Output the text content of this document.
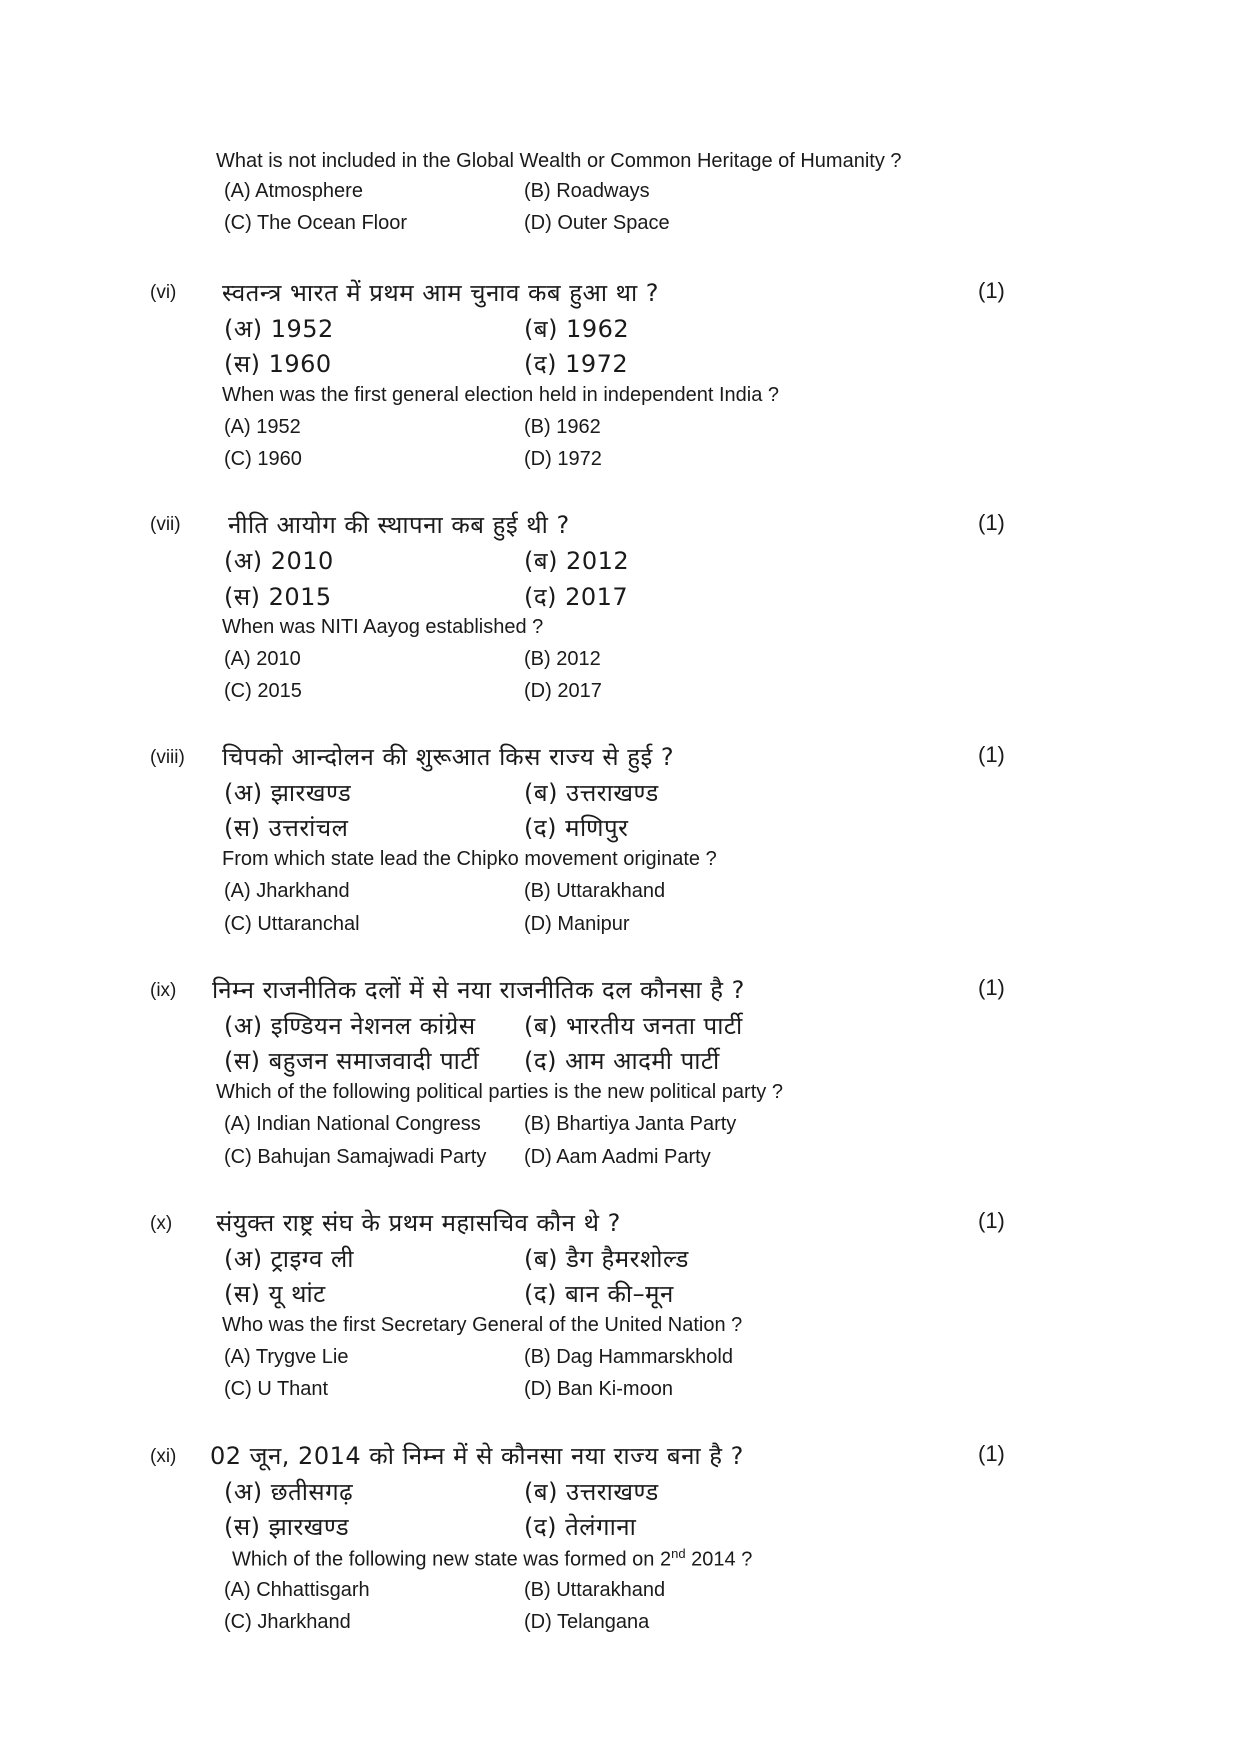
What is not included in the Global Wealth or Common Heritage of Humanity ?
(A) Atmosphere	(B) Roadways
(C) The Ocean Floor	(D) Outer Space
(vi) स्वतन्त्र भारत में प्रथम आम चुनाव कब हुआ था ?	(1)
(अ) 1952	(ब) 1962
(स) 1960	(द) 1972
When was the first general election held in independent India ?
(A) 1952	(B) 1962
(C) 1960	(D) 1972
(vii) नीति आयोग की स्थापना कब हुई थी ?	(1)
(अ) 2010	(ब) 2012
(स) 2015	(द) 2017
When was NITI Aayog established ?
(A) 2010	(B) 2012
(C) 2015	(D) 2017
(viii) चिपको आन्दोलन की शुरूआत किस राज्य से हुई ?	(1)
(अ) झारखण्ड	(ब) उत्तराखण्ड
(स) उत्तरांचल	(द) मणिपुर
From which state lead the Chipko movement originate ?
(A) Jharkhand	(B) Uttarakhand
(C) Uttaranchal	(D) Manipur
(ix) निम्न राजनीतिक दलों में से नया राजनीतिक दल कौनसा है ?	(1)
(अ) इण्डियन नेशनल कांग्रेस (ब) भारतीय जनता पार्टी
(स) बहुजन समाजवादी पार्टी (द) आम आदमी पार्टी
Which of the following political parties is the new political party ?
(A) Indian National Congress (B) Bhartiya Janta Party
(C) Bahujan Samajwadi Party (D) Aam Aadmi Party
(x) संयुक्त राष्ट्र संघ के प्रथम महासचिव कौन थे ?	(1)
(अ) ट्राइग्व ली	(ब) डैग हैमरशोल्ड
(स) यू थांट	(द) बान की–मून
Who was the first Secretary General of the United Nation ?
(A) Trygve Lie	(B) Dag Hammarskhold
(C) U Thant	(D) Ban Ki-moon
(xi) 02 जून, 2014 को निम्न में से कौनसा नया राज्य बना है ?	(1)
(अ) छतीसगढ़	(ब) उत्तराखण्ड
(स) झारखण्ड	(द) तेलंगाना
Which of the following new state was formed on 2nd 2014 ?
(A) Chhattisgarh	(B) Uttarakhand
(C) Jharkhand	(D) Telangana
